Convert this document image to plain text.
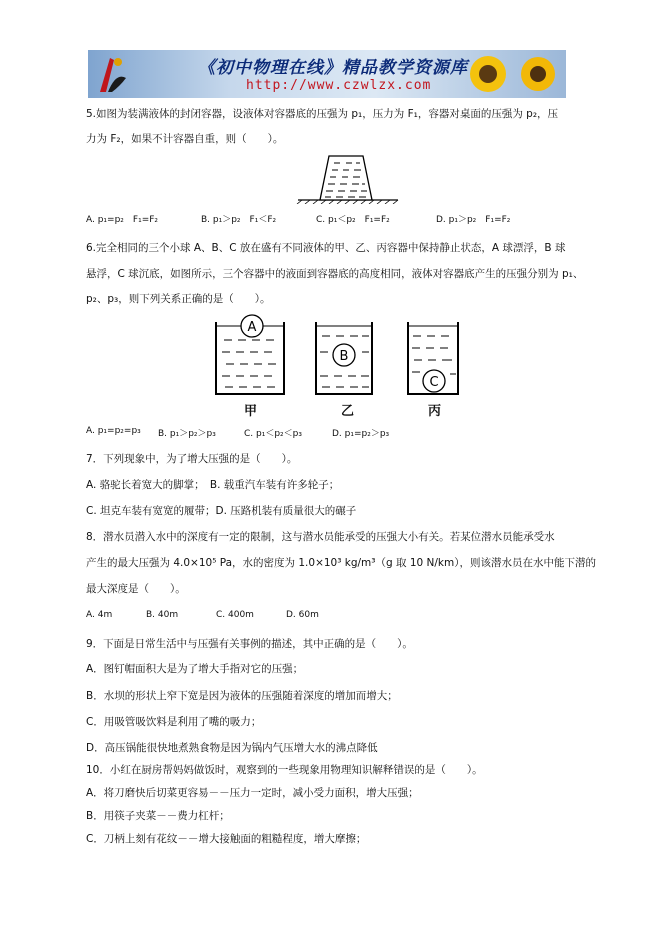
《初中物理在线》精品教学资源库
http://www.czwlzx.com
5.如图为装满液体的封闭容器，设液体对容器底的压强为 p₁，压力为 F₁，容器对桌面的压强为 p₂，压
力为 F₂，如果不计容器自重，则（　　）。
A. p₁=p₂　F₁=F₂	B. p₁＞p₂　F₁＜F₂	C. p₁＜p₂　F₁=F₂	D. p₁＞p₂　F₁=F₂
6.完全相同的三个小球 A、B、C 放在盛有不同液体的甲、乙、丙容器中保持静止状态，A 球漂浮，B 球
悬浮，C 球沉底，如图所示，三个容器中的液面到容器底的高度相同，液体对容器底产生的压强分别为 p₁、
p₂、p₃，则下列关系正确的是（　　）。
A
B
C
甲	乙	丙
A. p₁=p₂=p₃ B. p₁＞p₂＞p₃	C. p₁＜p₂＜p₃	D. p₁=p₂＞p₃
7．下列现象中，为了增大压强的是（　　）。
A. 骆驼长着宽大的脚掌；　B. 载重汽车装有许多轮子；
C. 坦克车装有宽宽的履带；D. 压路机装有质量很大的碾子
8．潜水员潜入水中的深度有一定的限制，这与潜水员能承受的压强大小有关。若某位潜水员能承受水
产生的最大压强为 4.0×10⁵ Pa，水的密度为 1.0×10³ kg/m³（g 取 10 N/km），则该潜水员在水中能下潜的
最大深度是（　　）。
A. 4m	B. 40m	C. 400m	D. 60m
9．下面是日常生活中与压强有关事例的描述，其中正确的是（　　）。
A．图钉帽面积大是为了增大手指对它的压强；
B．水坝的形状上窄下宽是因为液体的压强随着深度的增加而增大；
C．用吸管吸饮料是利用了嘴的吸力；
D．高压锅能很快地煮熟食物是因为锅内气压增大水的沸点降低
10．小红在厨房帮妈妈做饭时，观察到的一些现象用物理知识解释错误的是（　　）。
A．将刀磨快后切菜更容易－－压力一定时，减小受力面积，增大压强；
B．用筷子夹菜－－费力杠杆；
C．刀柄上刻有花纹－－增大接触面的粗糙程度，增大摩擦；
